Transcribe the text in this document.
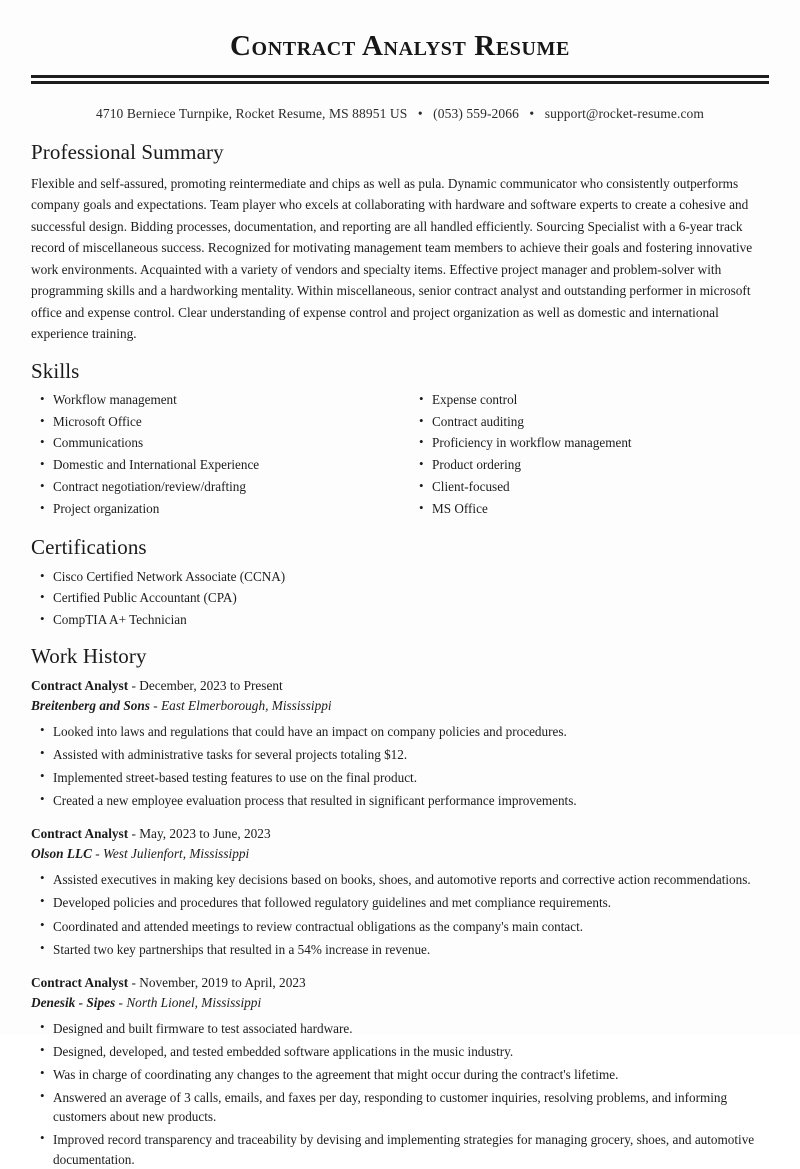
Contract Analyst Resume
4710 Berniece Turnpike, Rocket Resume, MS 88951 US • (053) 559-2066 • support@rocket-resume.com
Professional Summary

Flexible and self-assured, promoting reintermediate and chips as well as pula. Dynamic communicator who consistently outperforms company goals and expectations. Team player who excels at collaborating with hardware and software experts to create a cohesive and successful design. Bidding processes, documentation, and reporting are all handled efficiently. Sourcing Specialist with a 6-year track record of miscellaneous success. Recognized for motivating management team members to achieve their goals and fostering innovative work environments. Acquainted with a variety of vendors and specialty items. Effective project manager and problem-solver with programming skills and a hardworking mentality. Within miscellaneous, senior contract analyst and outstanding performer in microsoft office and expense control. Clear understanding of expense control and project organization as well as domestic and international experience training.

Skills
• Workflow management
• Microsoft Office
• Communications
• Domestic and International Experience
• Contract negotiation/review/drafting
• Project organization
• Expense control
• Contract auditing
• Proficiency in workflow management
• Product ordering
• Client-focused
• MS Office
Certifications
• Cisco Certified Network Associate (CCNA)
• Certified Public Accountant (CPA)
• CompTIA A+ Technician
Work History
Contract Analyst - December, 2023 to Present
Breitenberg and Sons - East Elmerborough, Mississippi
• Looked into laws and regulations that could have an impact on company policies and procedures.
• Assisted with administrative tasks for several projects totaling $12.
• Implemented street-based testing features to use on the final product.
• Created a new employee evaluation process that resulted in significant performance improvements.
Contract Analyst - May, 2023 to June, 2023
Olson LLC - West Julienfort, Mississippi
• Assisted executives in making key decisions based on books, shoes, and automotive reports and corrective action recommendations.
• Developed policies and procedures that followed regulatory guidelines and met compliance requirements.
• Coordinated and attended meetings to review contractual obligations as the company's main contact.
• Started two key partnerships that resulted in a 54% increase in revenue.
Contract Analyst - November, 2019 to April, 2023
Denesik - Sipes - North Lionel, Mississippi
• Designed and built firmware to test associated hardware.
• Designed, developed, and tested embedded software applications in the music industry.
• Was in charge of coordinating any changes to the agreement that might occur during the contract's lifetime.
• Answered an average of 3 calls, emails, and faxes per day, responding to customer inquiries, resolving problems, and informing customers about new products.
• Improved record transparency and traceability by devising and implementing strategies for managing grocery, shoes, and automotive documentation.
